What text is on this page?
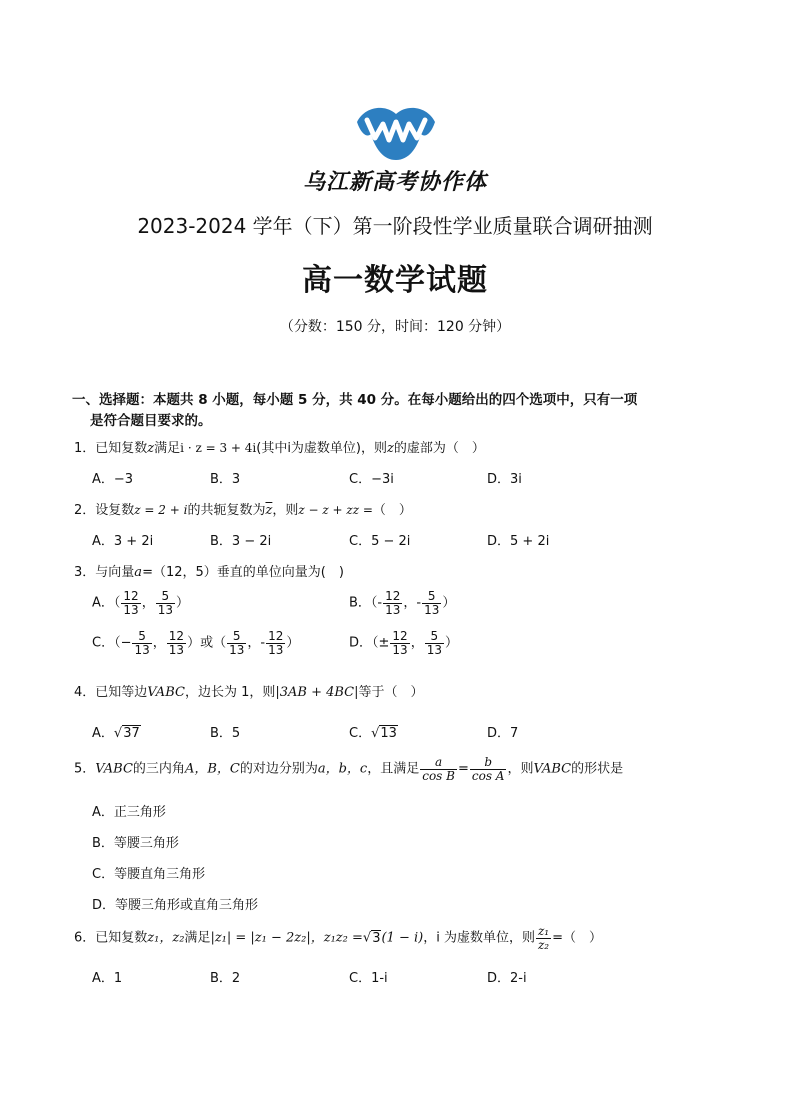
乌江新高考协作体
2023-2024 学年（下）第一阶段性学业质量联合调研抽测
高一数学试题
（分数：150 分，时间：120 分钟）
一、选择题：本题共 8 小题，每小题 5 分，共 40 分。在每小题给出的四个选项中，只有一项
是符合题目要求的。
1．已知复数z满足i · z = 3 + 4i(其中i为虚数单位)，则z的虚部为（　）
A．−3	B．3	C．−3i	D．3i
2．设复数z = 2 + i的共轭复数为$\overline{z}$，则z − z + zz =（　）
A．3 + 2i	B．3 − 2i	C．5 − 2i	D．5 + 2i
3．与向量a=（12，5）垂直的单位向量为(　)
A．（ $\frac{12}{13}$ ， $\frac{5}{13}$ ）	B．（- $\frac{12}{13}$ ，- $\frac{5}{13}$ ）
C．（− $\frac{5}{13}$ ， $\frac{12}{13}$ ）或（ $\frac{5}{13}$ ，- $\frac{12}{13}$ ）	D．（± $\frac{12}{13}$ ， $\frac{5}{13}$ ）
4．已知等边VABC，边长为 1，则|3AB + 4BC|等于（　）
A．√37	B．5	C．√13	D．7
5．VABC的三内角A，B，C的对边分别为a，b，c，且满足 $\frac{a}{\text{cos B}} = \frac{b}{\text{cos A}}$ ，则VABC的形状是
A．正三角形
B．等腰三角形
C．等腰直角三角形
D．等腰三角形或直角三角形
6．已知复数z₁，z₂满足|z₁| = |z₁ − 2z₂|，z₁z₂ =√3(1 − i)，i 为虚数单位，则 $\frac{\text{z₁}}{\text{z₂}}$ =（　）
A．1	B．2	C．1-i	D．2-i
